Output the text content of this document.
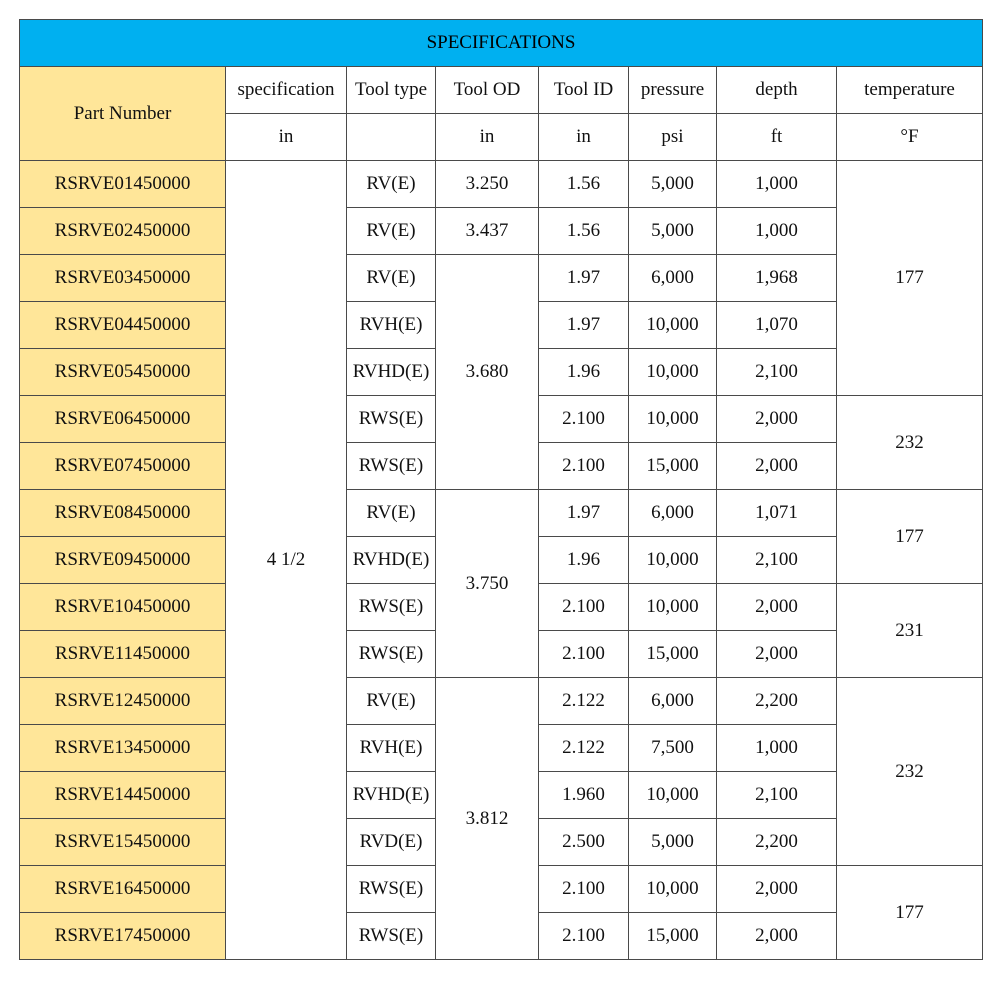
SPECIFICATIONS							
Part Number	specification	Tool type	Tool OD	Tool ID	pressure	depth	temperature
	in		in	in	psi	ft	°F
RSRVE01450000	4 1/2	RV(E)	3.250	1.56	5,000	1,000	177
RSRVE02450000		RV(E)	3.437	1.56	5,000	1,000	
RSRVE03450000		RV(E)	3.680	1.97	6,000	1,968	
RSRVE04450000		RVH(E)		1.97	10,000	1,070	
RSRVE05450000		RVHD(E)		1.96	10,000	2,100	
RSRVE06450000		RWS(E)		2.100	10,000	2,000	232
RSRVE07450000		RWS(E)		2.100	15,000	2,000	
RSRVE08450000		RV(E)	3.750	1.97	6,000	1,071	177
RSRVE09450000		RVHD(E)		1.96	10,000	2,100	
RSRVE10450000		RWS(E)		2.100	10,000	2,000	231
RSRVE11450000		RWS(E)		2.100	15,000	2,000	
RSRVE12450000		RV(E)	3.812	2.122	6,000	2,200	232
RSRVE13450000		RVH(E)		2.122	7,500	1,000	
RSRVE14450000		RVHD(E)		1.960	10,000	2,100	
RSRVE15450000		RVD(E)		2.500	5,000	2,200	
RSRVE16450000		RWS(E)		2.100	10,000	2,000	177
RSRVE17450000		RWS(E)		2.100	15,000	2,000	
